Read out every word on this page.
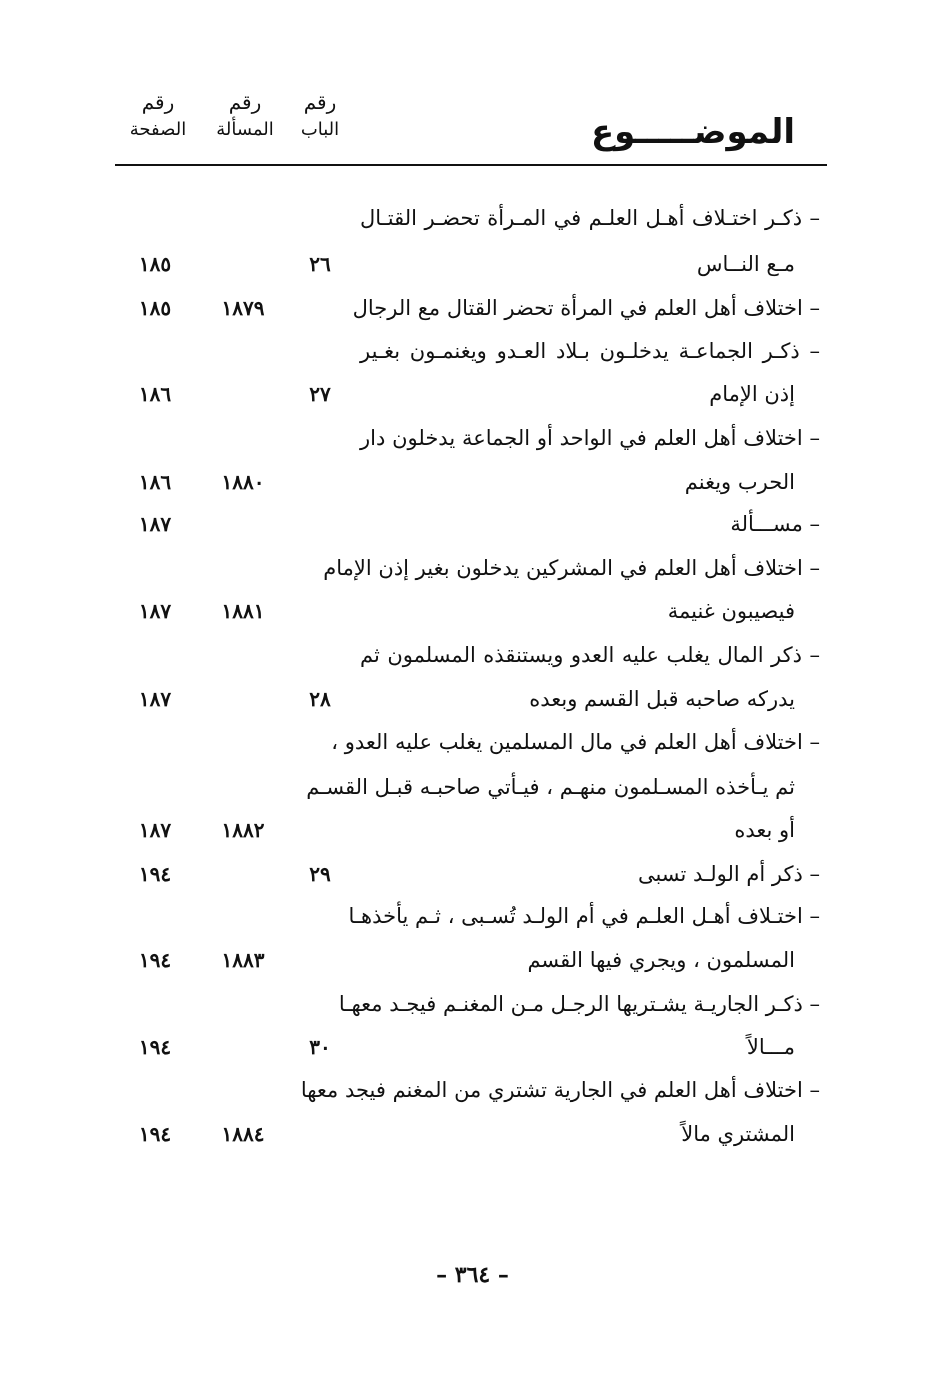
رقم
الباب
رقم
المسألة
رقم
الصفحة	الموضـــــوع
– ذكـر اختـلاف أهـل العلـم في المـرأة تحضـر القتـال
مـع النــاس
٢٦
١٨٥
– اختلاف أهل العلم في المرأة تحضر القتال مع الرجال
١٨٧٩
١٨٥
– ذكـر الجماعـة يدخلـون بـلاد العـدو ويغنمـون بغـير
إذن الإمام
٢٧
١٨٦
– اختلاف أهل العلم في الواحد أو الجماعة يدخلون دار
الحرب ويغنم
١٨٨٠
١٨٦
– مســـألة
١٨٧
– اختلاف أهل العلم في المشركين يدخلون بغير إذن الإمام
فيصيبون غنيمة
١٨٨١
١٨٧
– ذكر المال يغلب عليه العدو ويستنقذه المسلمون ثم
يدركه صاحبه قبل القسم وبعده
٢٨
١٨٧
– اختلاف أهل العلم في مال المسلمين يغلب عليه العدو ،
ثم يـأخذه المسـلمون منهـم ، فيـأتي صاحبـه قبـل القسـم
أو بعده
١٨٨٢
١٨٧
– ذكر أم الولـد تسبى
٢٩
١٩٤
– اختـلاف أهـل العلـم في أم الولـد تُسـبى ، ثـم يأخذهـا
المسلمون ، ويجري فيها القسم
١٨٨٣
١٩٤
– ذكـر الجاريـة يشـتريها الرجـل مـن المغنـم فيجـد معهـا
مـــالاً
٣٠
١٩٤
– اختلاف أهل العلم في الجارية تشتري من المغنم فيجد معها
المشتري مالاً
١٨٨٤
١٩٤
– ٣٦٤ –
